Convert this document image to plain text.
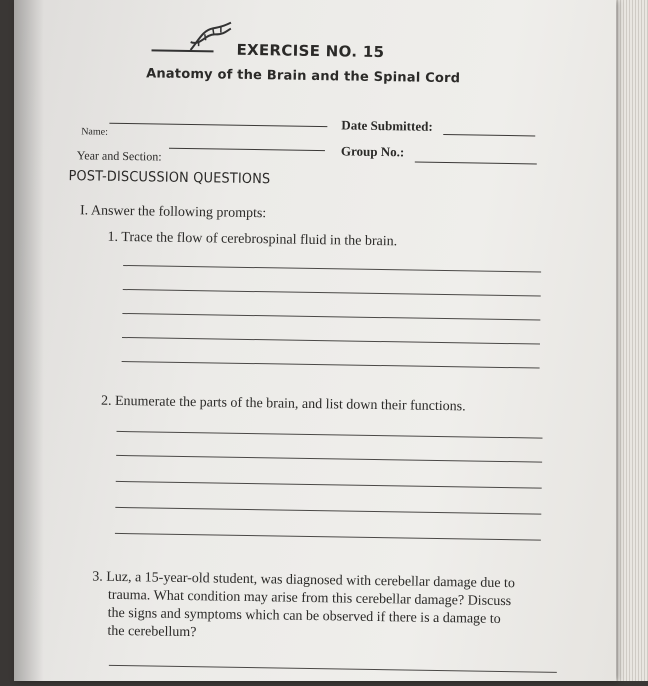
EXERCISE NO. 15
Anatomy of the Brain and the Spinal Cord
Name:	Date Submitted:
Year and Section:	Group No.:
POST-DISCUSSION QUESTIONS
I. Answer the following prompts:
1. Trace the flow of cerebrospinal fluid in the brain.
2. Enumerate the parts of the brain, and list down their functions.
3. Luz, a 15-year-old student, was diagnosed with cerebellar damage due to
trauma. What condition may arise from this cerebellar damage? Discuss
the signs and symptoms which can be observed if there is a damage to
the cerebellum?
